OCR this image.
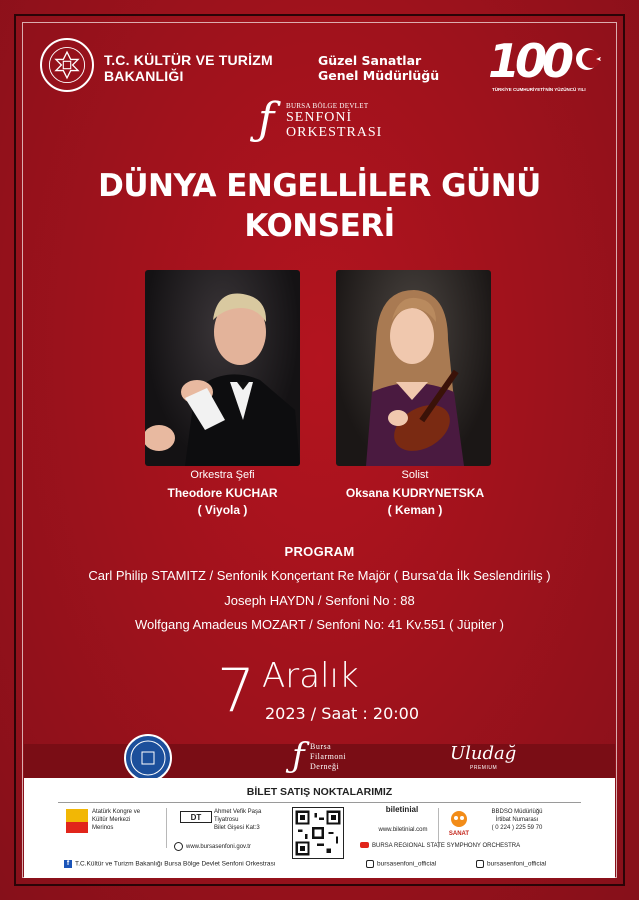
T.C. KÜLTÜR VE TURİZM
BAKANLIĞI
Güzel Sanatlar
Genel Müdürlüğü 100
TÜRKİYE CUMHURİYETİ'NİN YÜZÜNCÜ YILI
ƒ BURSA BÖLGE DEVLET
SENFONİ
ORKESTRASI
DÜNYA ENGELLİLER GÜNÜ
KONSERİ
Orkestra Şefi
Theodore KUCHAR
( Viyola )
Solist
Oksana KUDRYNETSKA
( Keman )
PROGRAM
Carl Philip STAMITZ / Senfonik Konçertant Re Majör ( Bursa’da İlk Seslendiriliş )
Joseph HAYDN / Senfoni No : 88
Wolfgang Amadeus MOZART / Senfoni No: 41 Kv.551 ( Jüpiter )
7 Aralık
2023 / Saat : 20:00
ƒ Bursa
Filarmoni
Derneği
Uludağ
PREMIUM
BİLET SATIŞ NOKTALARIMIZ
Atatürk Kongre ve
Kültür Merkezi
Merinos
DT
Ahmet Vefik Paşa
Tiyatrosu
Bilet Gişesi Kat:3
biletinial
www.biletinial.com
SANAT
BBDSO Müdürlüğü
İrtibat Numarası
( 0 224 ) 225 59 70
www.bursasenfoni.gov.tr	BURSA REGIONAL STATE SYMPHONY ORCHESTRA
f T.C.Kültür ve Turizm Bakanlığı Bursa Bölge Devlet Senfoni Orkestrası	bursasenfoni_official	bursasenfoni_official
